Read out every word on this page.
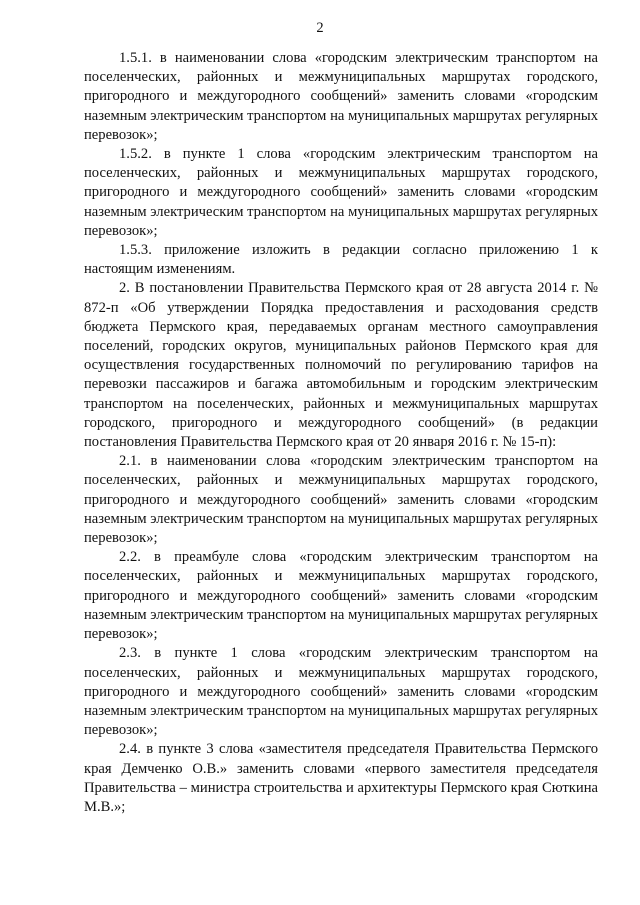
2

1.5.1. в наименовании слова «городским электрическим транспортом на поселенческих, районных и межмуниципальных маршрутах городского, пригородного и междугородного сообщений» заменить словами «городским наземным электрическим транспортом на муниципальных маршрутах регулярных перевозок»;

1.5.2. в пункте 1 слова «городским электрическим транспортом на поселенческих, районных и межмуниципальных маршрутах городского, пригородного и междугородного сообщений» заменить словами «городским наземным электрическим транспортом на муниципальных маршрутах регулярных перевозок»;

1.5.3. приложение изложить в редакции согласно приложению 1 к настоящим изменениям.

2. В постановлении Правительства Пермского края от 28 августа 2014 г. № 872-п «Об утверждении Порядка предоставления и расходования средств бюджета Пермского края, передаваемых органам местного самоуправления поселений, городских округов, муниципальных районов Пермского края для осуществления государственных полномочий по регулированию тарифов на перевозки пассажиров и багажа автомобильным и городским электрическим транспортом на поселенческих, районных и межмуниципальных маршрутах городского, пригородного и междугородного сообщений» (в редакции постановления Правительства Пермского края от 20 января 2016 г. № 15-п):

2.1. в наименовании слова «городским электрическим транспортом на поселенческих, районных и межмуниципальных маршрутах городского, пригородного и междугородного сообщений» заменить словами «городским наземным электрическим транспортом на муниципальных маршрутах регулярных перевозок»;

2.2. в преамбуле слова «городским электрическим транспортом на поселенческих, районных и межмуниципальных маршрутах городского, пригородного и междугородного сообщений» заменить словами «городским наземным электрическим транспортом на муниципальных маршрутах регулярных перевозок»;

2.3. в пункте 1 слова «городским электрическим транспортом на поселенческих, районных и межмуниципальных маршрутах городского, пригородного и междугородного сообщений» заменить словами «городским наземным электрическим транспортом на муниципальных маршрутах регулярных перевозок»;

2.4. в пункте 3 слова «заместителя председателя Правительства Пермского края Демченко О.В.» заменить словами «первого заместителя председателя Правительства – министра строительства и архитектуры Пермского края Сюткина М.В.»;
